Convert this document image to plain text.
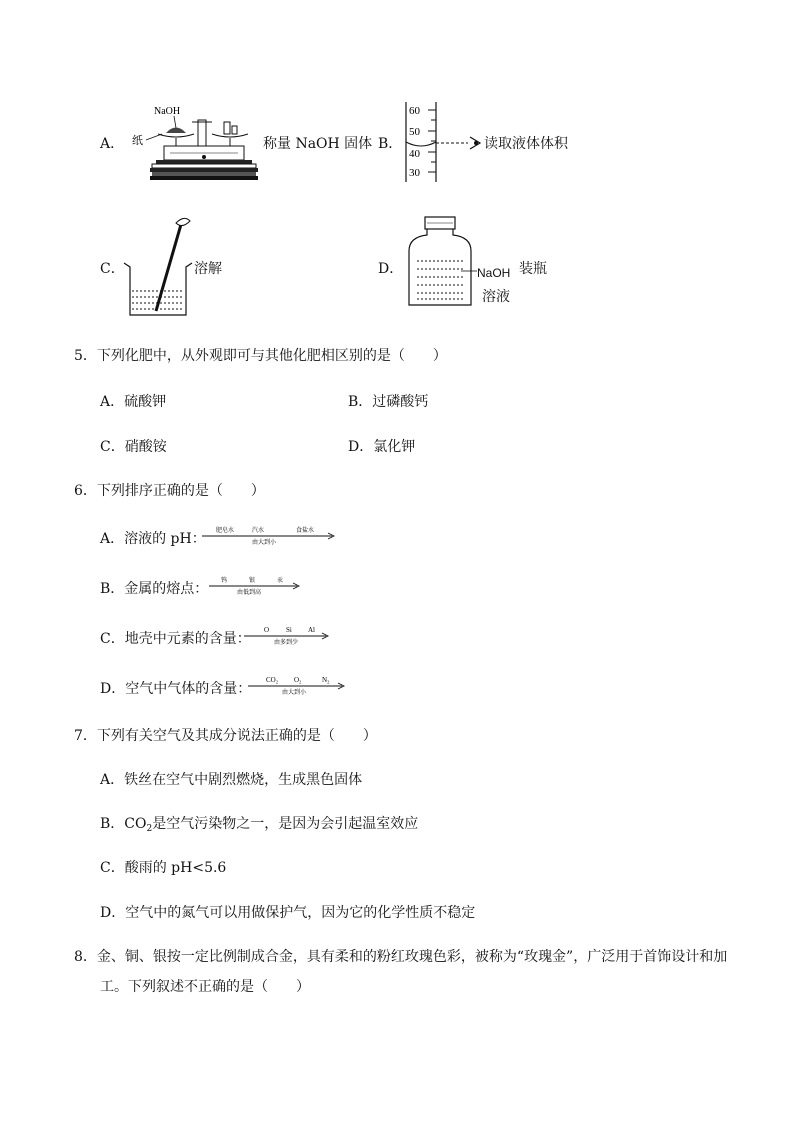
A．
NaOH
纸	称量 NaOH 固体 B．
60
50
40
30
读取液体体积
C．	溶解	D．	NaOH 装瓶
溶液
5．下列化肥中，从外观即可与其他化肥相区别的是（　　）
A．硫酸钾	B．过磷酸钙
C．硝酸铵	D．氯化钾
6．下列排序正确的是（　　）
A．溶液的 pH：
肥皂水	汽水	食盐水
由大到小
B．金属的熔点：
钨	银	汞
由低到高
C．地壳中元素的含量：
O Si Al
由多到少
D．空气中气体的含量：
CO₂ O₂	N₂
由大到小
7．下列有关空气及其成分说法正确的是（　　）
A．铁丝在空气中剧烈燃烧，生成黑色固体
B．$CO_2$是空气污染物之一，是因为会引起温室效应
C．酸雨的 pH<5.6
D．空气中的氮气可以用做保护气，因为它的化学性质不稳定
8．金、铜、银按一定比例制成合金，具有柔和的粉红玫瑰色彩，被称为“玫瑰金”，广泛用于首饰设计和加
工。下列叙述不正确的是（　　）
